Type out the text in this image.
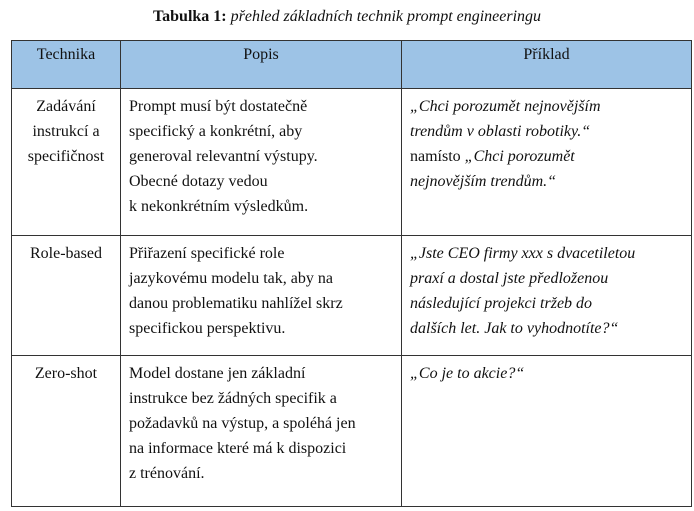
Tabulka 1: přehled základních technik prompt engineeringu
Technika	Popis	Příklad

Zadávání
instrukcí a
specifičnost	Prompt musí být dostatečně
specifický a konkrétní, aby
generoval relevantní výstupy.
Obecné dotazy vedou
k nekonkrétním výsledkům.	„Chci porozumět nejnovějším
trendům v oblasti robotiky.“
namísto „Chci porozumět
nejnovějším trendům.“

Role-based	Přiřazení specifické role
jazykovému modelu tak, aby na
danou problematiku nahlížel skrz
specifickou perspektivu.	„Jste CEO firmy xxx s dvacetiletou
praxí a dostal jste předloženou
následující projekci tržeb do
dalších let. Jak to vyhodnotíte?“

Zero-shot	Model dostane jen základní
instrukce bez žádných specifik a
požadavků na výstup, a spoléhá jen
na informace které má k dispozici
z trénování.	„Co je to akcie?“
